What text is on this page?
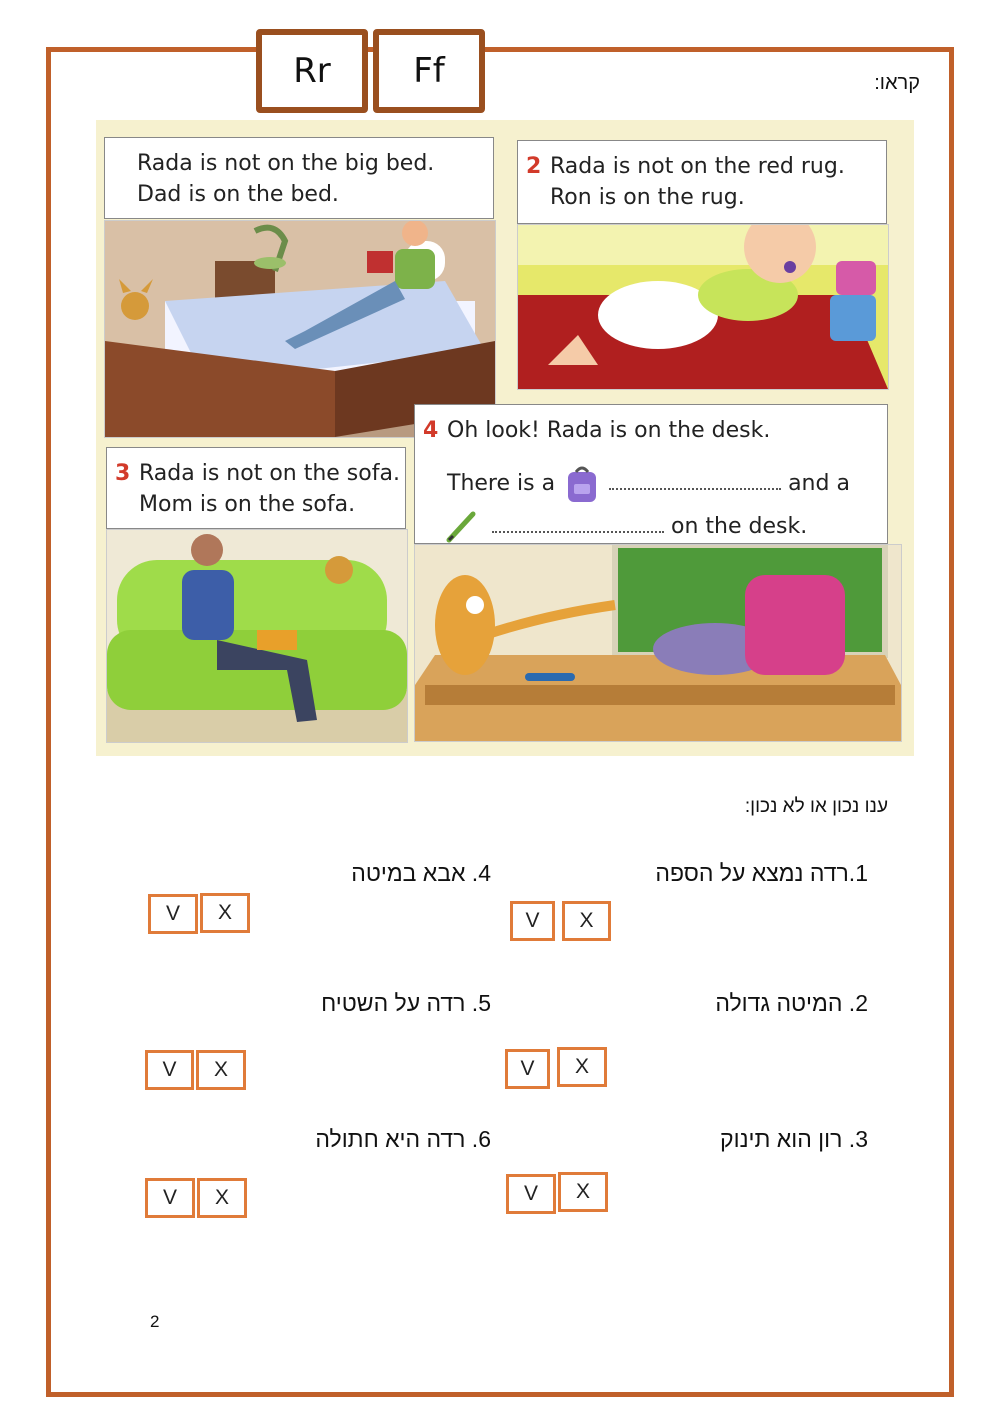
Rr Ff	קראו:
Rada is not on the big bed.
Dad is on the bed.
2 Rada is not on the red rug.
Ron is on the rug.
3 Rada is not on the sofa.
Mom is on the sofa.
4 Oh look! Rada is on the desk.
There is a	and a
on the desk.
ענו נכון או לא נכון:
1.רדה נמצא על הספה
V X
2. המיטה גדולה
V X
3. רון הוא תינוק
V X
4. אבא במיטה
V X
5. רדה על השטיח
V X
6. רדה היא חתולה
V X
2
